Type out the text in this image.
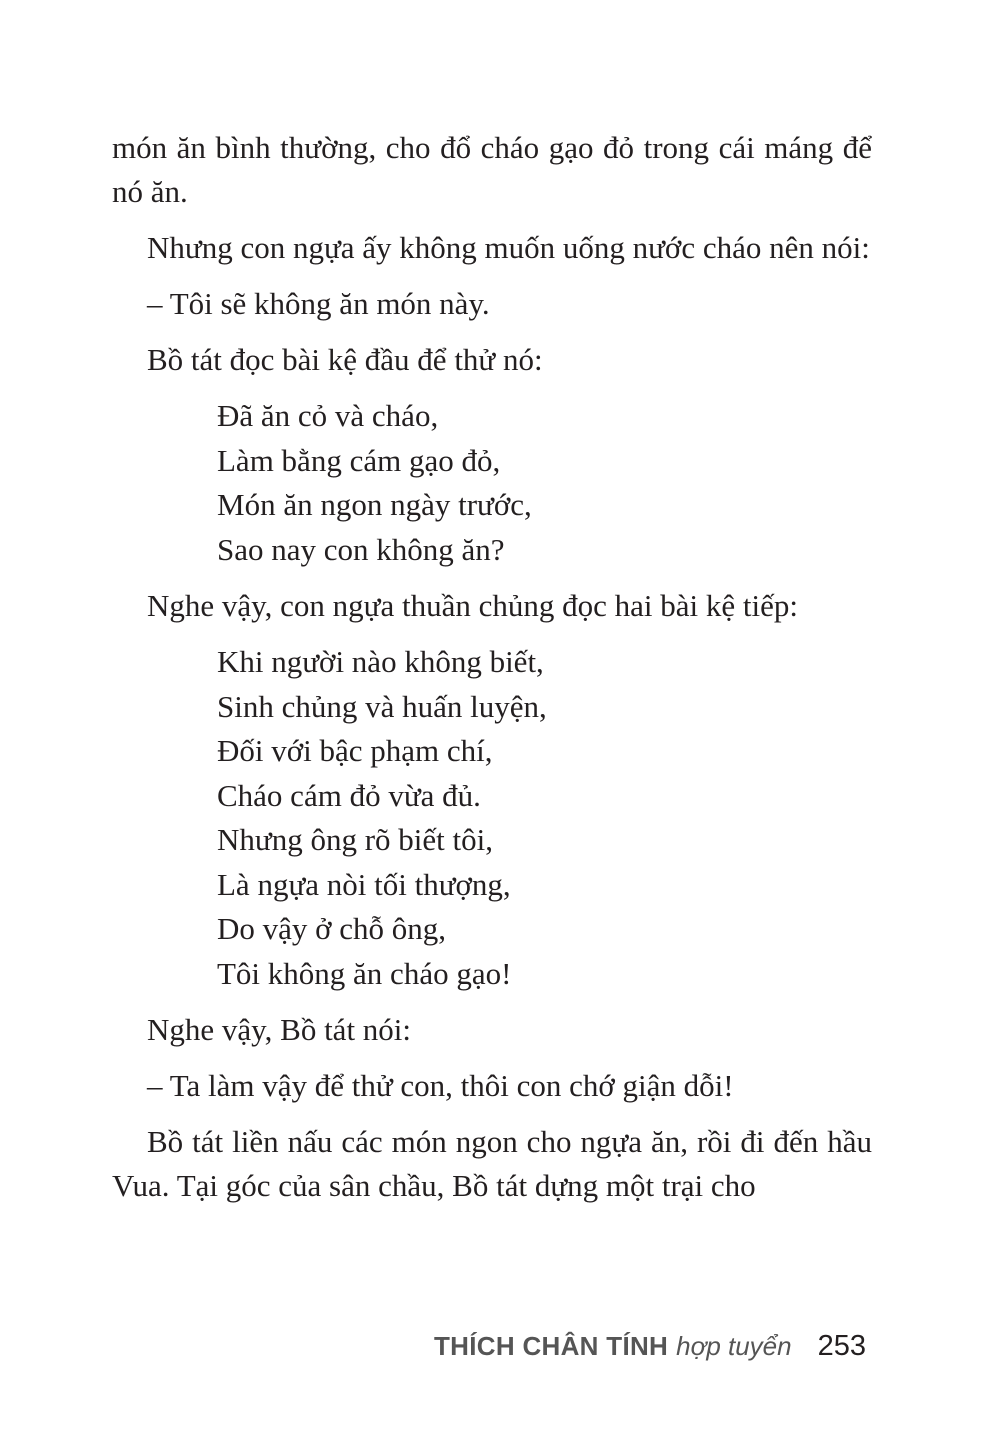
món ăn bình thường, cho đổ cháo gạo đỏ trong cái máng để nó ăn.

Nhưng con ngựa ấy không muốn uống nước cháo nên nói:

– Tôi sẽ không ăn món này.

Bồ tát đọc bài kệ đầu để thử nó:

Đã ăn cỏ và cháo,
Làm bằng cám gạo đỏ,
Món ăn ngon ngày trước,
Sao nay con không ăn?

Nghe vậy, con ngựa thuần chủng đọc hai bài kệ tiếp:

Khi người nào không biết,
Sinh chủng và huấn luyện,
Đối với bậc phạm chí,
Cháo cám đỏ vừa đủ.
Nhưng ông rõ biết tôi,
Là ngựa nòi tối thượng,
Do vậy ở chỗ ông,
Tôi không ăn cháo gạo!

Nghe vậy, Bồ tát nói:

– Ta làm vậy để thử con, thôi con chớ giận dỗi!

Bồ tát liền nấu các món ngon cho ngựa ăn, rồi đi đến hầu Vua. Tại góc của sân chầu, Bồ tát dựng một trại cho

THÍCH CHÂN TÍNH hợp tuyển 253
